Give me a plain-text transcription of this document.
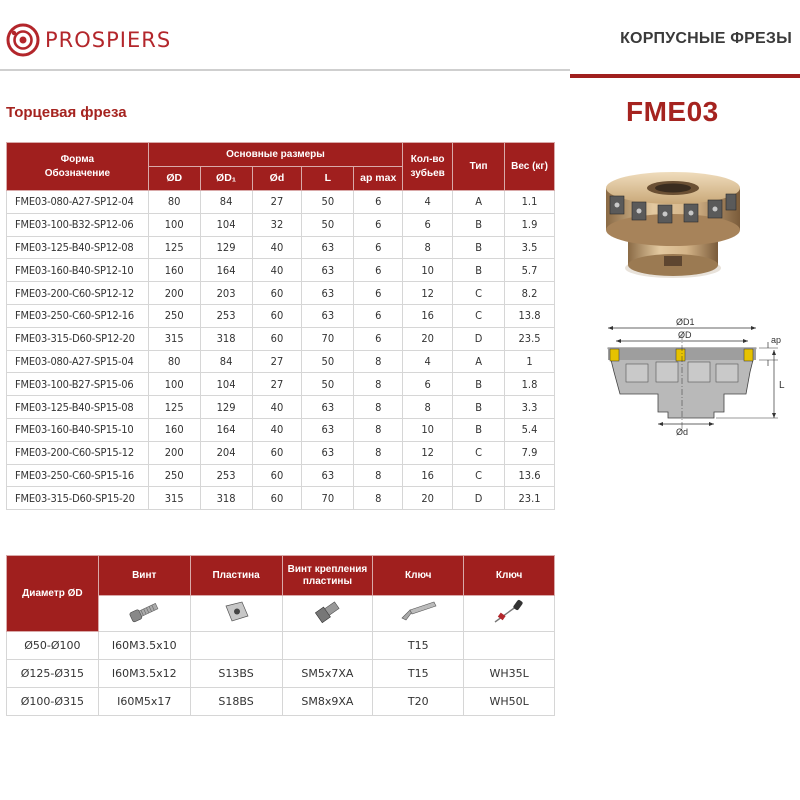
PROSPIERS	КОРПУСНЫЕ ФРЕЗЫ
Торцевая фреза	FME03
Форма
Обозначение	Основные размеры					Кол-во
зубьев	Тип	Вес (кг)
	ØD	ØD₁	Ød	L	ap max			
FME03-080-A27-SP12-04	80	84	27	50	6	4	A	1.1
FME03-100-B32-SP12-06	100	104	32	50	6	6	B	1.9
FME03-125-B40-SP12-08	125	129	40	63	6	8	B	3.5
FME03-160-B40-SP12-10	160	164	40	63	6	10	B	5.7
FME03-200-C60-SP12-12	200	203	60	63	6	12	C	8.2
FME03-250-C60-SP12-16	250	253	60	63	6	16	C	13.8
FME03-315-D60-SP12-20	315	318	60	70	6	20	D	23.5
FME03-080-A27-SP15-04	80	84	27	50	8	4	A	1
FME03-100-B27-SP15-06	100	104	27	50	8	6	B	1.8
FME03-125-B40-SP15-08	125	129	40	63	8	8	B	3.3
FME03-160-B40-SP15-10	160	164	40	63	8	10	B	5.4
FME03-200-C60-SP15-12	200	204	60	63	8	12	C	7.9
FME03-250-C60-SP15-16	250	253	60	63	8	16	C	13.6
FME03-315-D60-SP15-20	315	318	60	70	8	20	D	23.1
ØD1
ØD
Ød
ap
L
Диаметр ØD	Винт	Пластина	Винт крепления
пластины	Ключ	Ключ

Ø50-Ø100	I60M3.5x10			T15	
Ø125-Ø315	I60M3.5x12	S13BS	SM5x7XA	T15	WH35L
Ø100-Ø315	I60M5x17	S18BS	SM8x9XA	T20	WH50L
